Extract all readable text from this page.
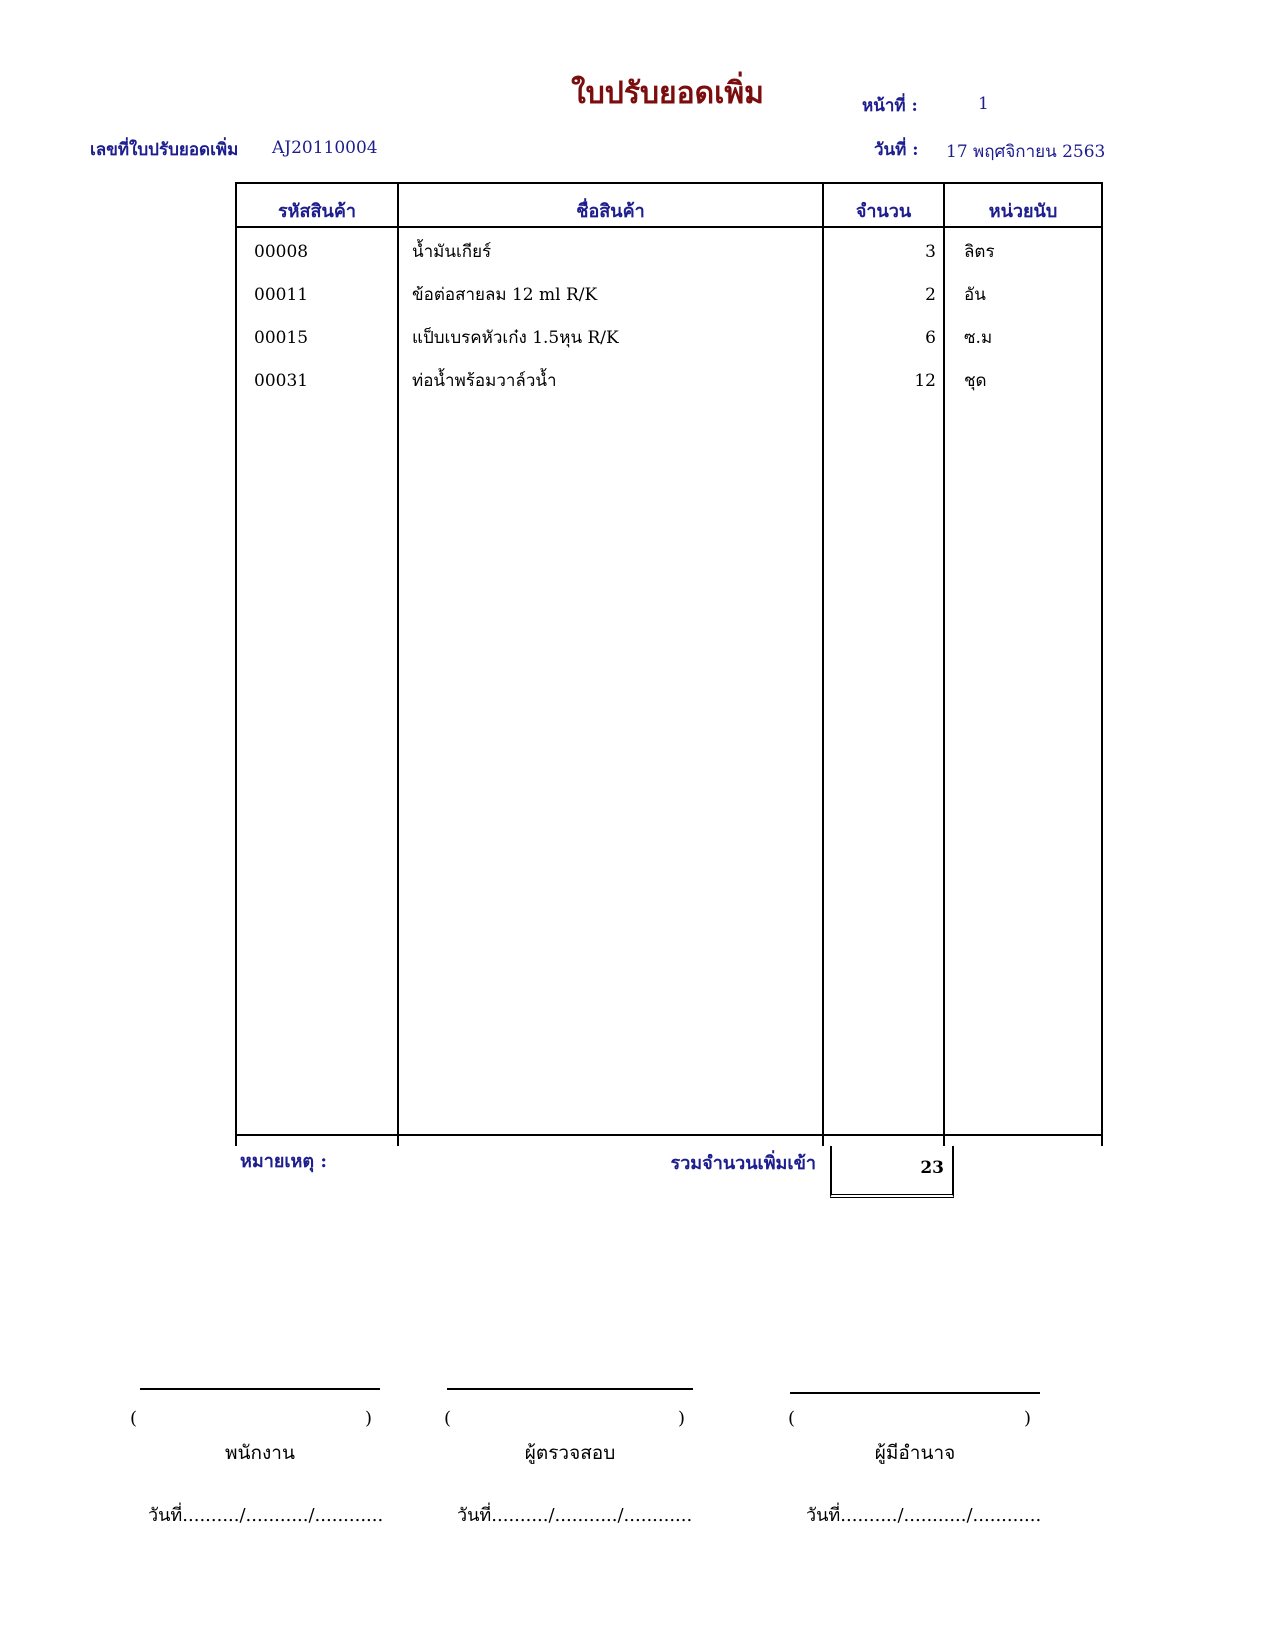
ใบปรับยอดเพิ่ม	หน้าที่ :	1
เลขที่ใบปรับยอดเพิ่ม AJ20110004	วันที่ : 17 พฤศจิกายน 2563
รหัสสินค้า	ชื่อสินค้า	จำนวน	หน่วยนับ
00008	น้ำมันเกียร์	3 ลิตร
00011	ข้อต่อสายลม 12 ml R/K	2 อัน
00015	แป็บเบรคหัวเก๋ง 1.5หุน R/K	6 ซ.ม
00031	ท่อน้ำพร้อมวาล์วน้ำ	12 ชุด
หมายเหตุ :	รวมจำนวนเพิ่มเข้า	23
(	)
พนักงาน
วันที่........../.........../............
(	)
ผู้ตรวจสอบ
วันที่........../.........../............
(	)
ผู้มีอำนาจ
วันที่........../.........../............
